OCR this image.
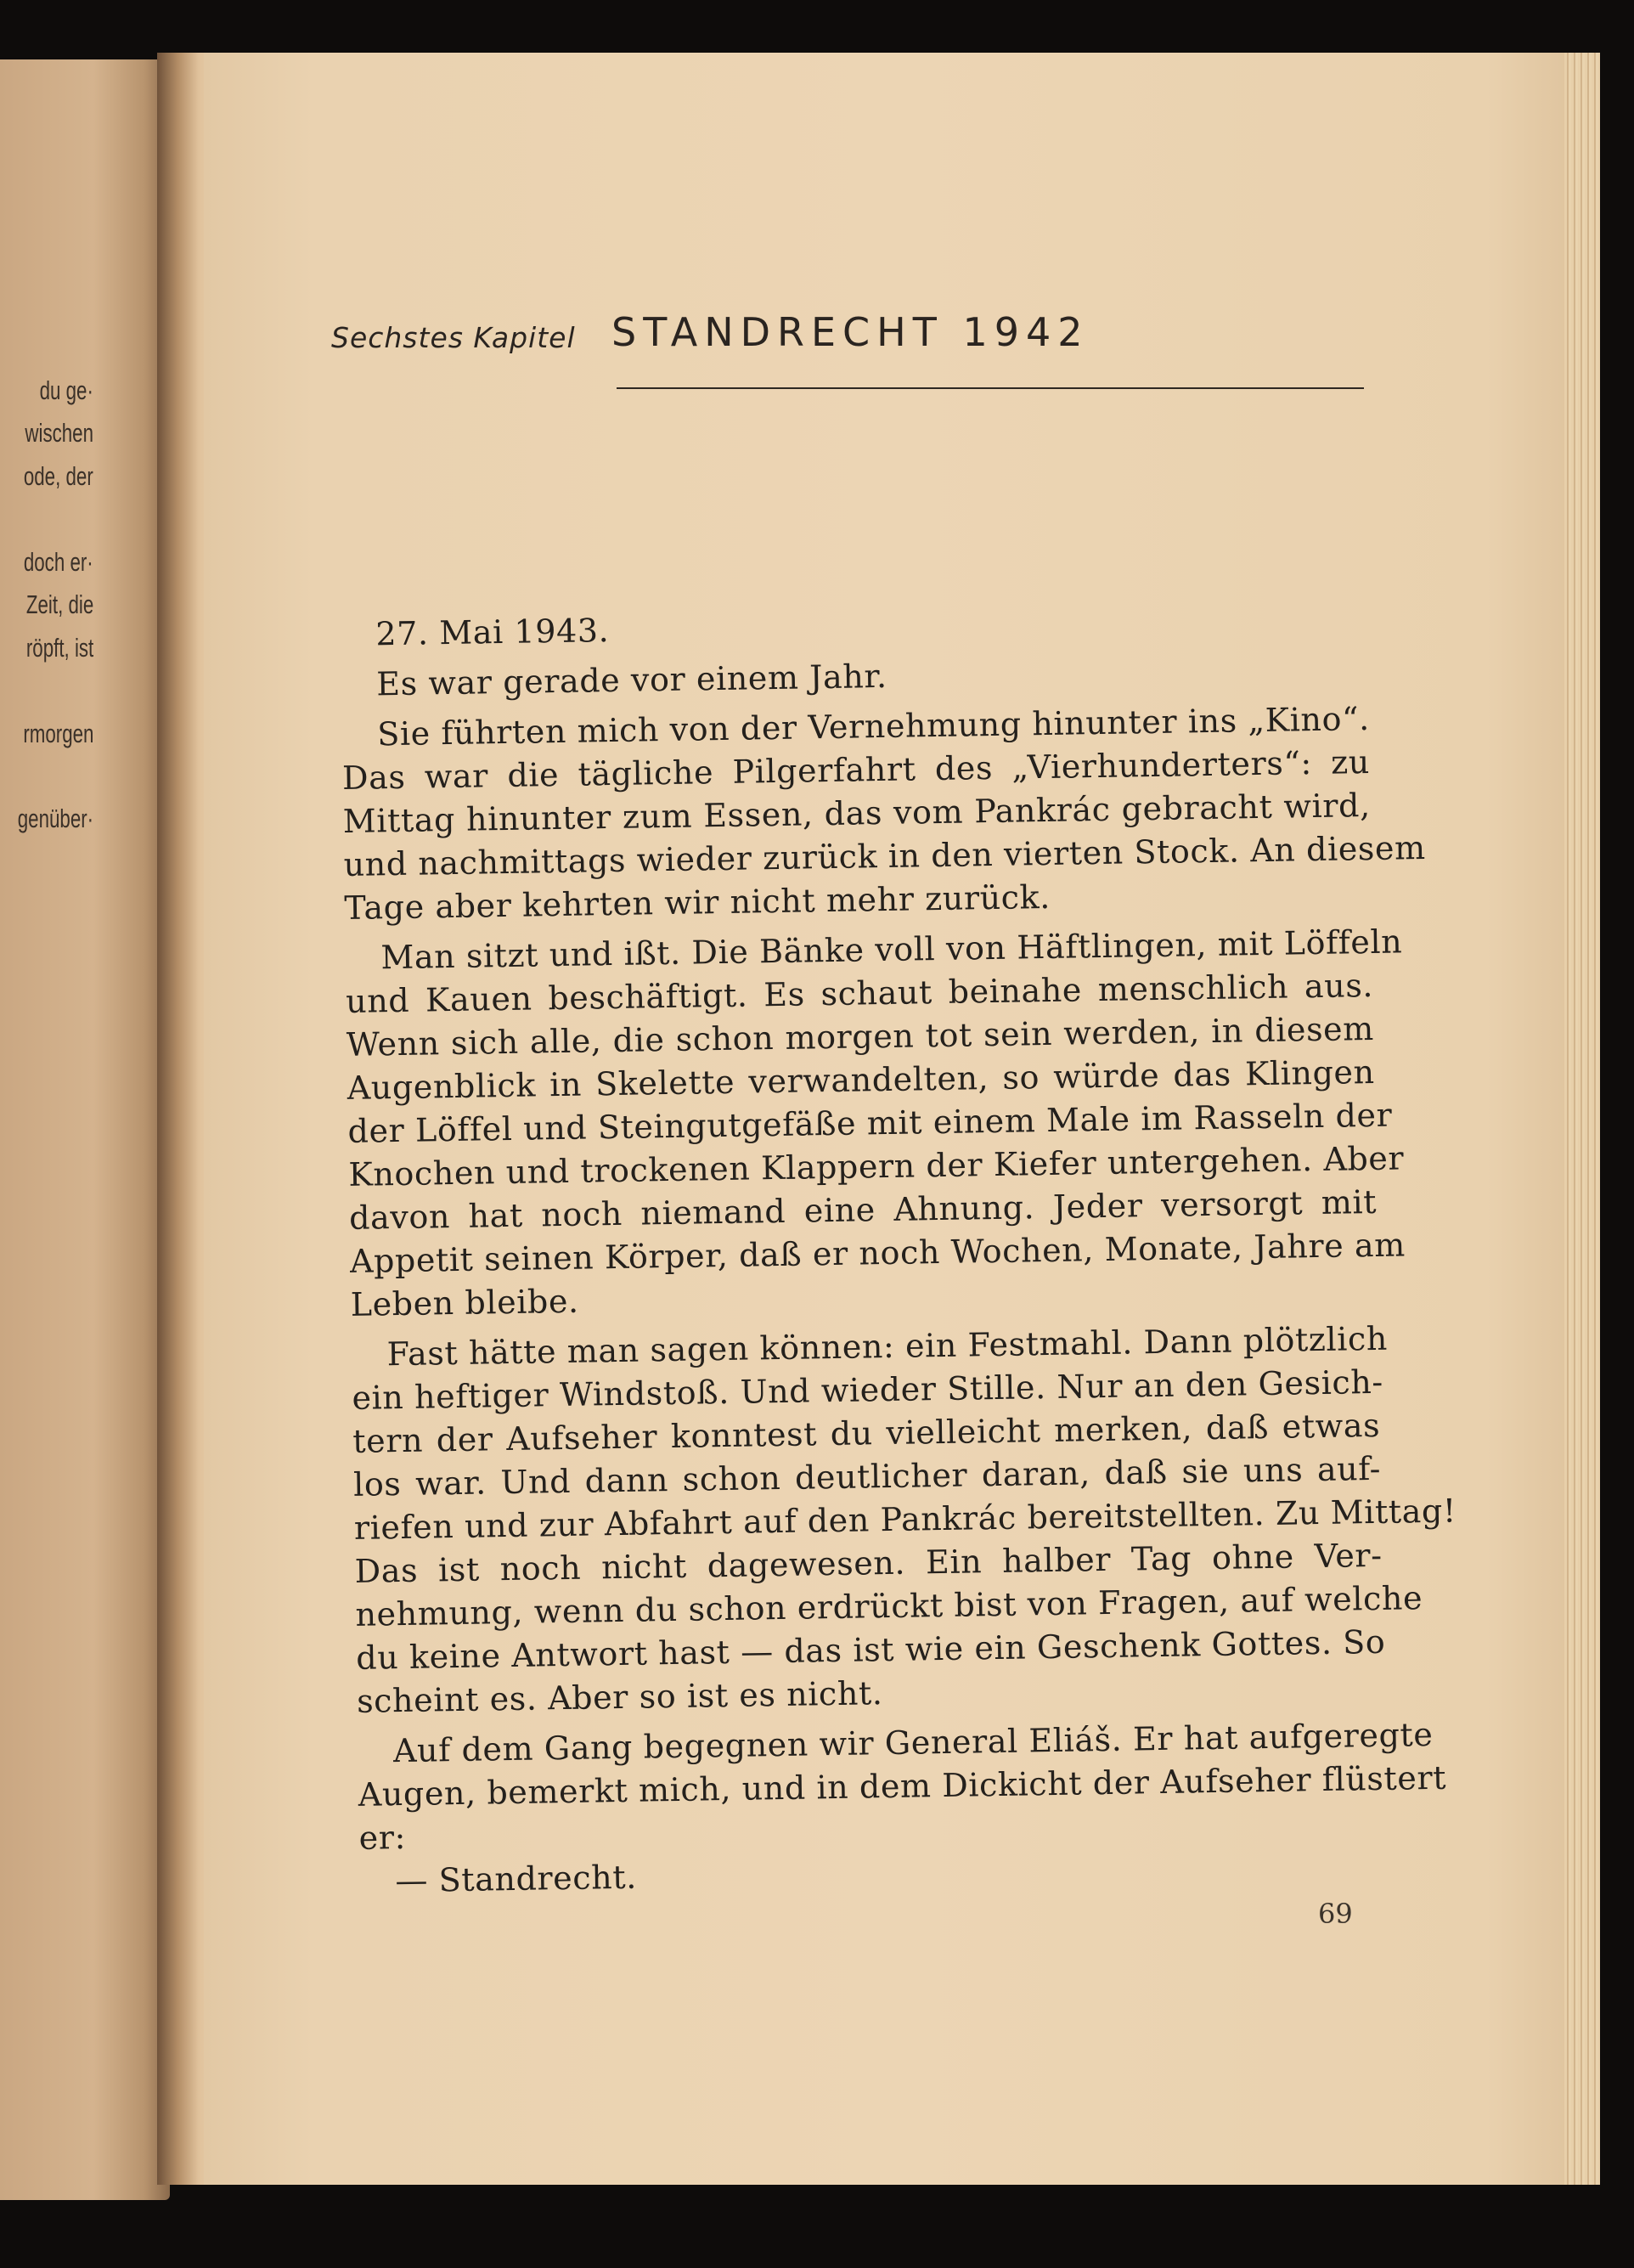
du ge·

wischen

ode, der

doch er·

Zeit, die

röpft, ist

rmorgen

genüber·

Sechstes Kapitel STANDRECHT 1942

27. Mai 1943.

Es war gerade vor einem Jahr.

Sie führten mich von der Vernehmung hinunter ins „Kino“.

Das war die tägliche Pilgerfahrt des „Vierhunderters“: zu

Mittag hinunter zum Essen, das vom Pankrác gebracht wird,

und nachmittags wieder zurück in den vierten Stock. An diesem

Tage aber kehrten wir nicht mehr zurück.

Man sitzt und ißt. Die Bänke voll von Häftlingen, mit Löffeln

und Kauen beschäftigt. Es schaut beinahe menschlich aus.

Wenn sich alle, die schon morgen tot sein werden, in diesem

Augenblick in Skelette verwandelten, so würde das Klingen

der Löffel und Steingutgefäße mit einem Male im Rasseln der

Knochen und trockenen Klappern der Kiefer untergehen. Aber

davon hat noch niemand eine Ahnung. Jeder versorgt mit

Appetit seinen Körper, daß er noch Wochen, Monate, Jahre am

Leben bleibe.

Fast hätte man sagen können: ein Festmahl. Dann plötzlich

ein heftiger Windstoß. Und wieder Stille. Nur an den Gesich-

tern der Aufseher konntest du vielleicht merken, daß etwas

los war. Und dann schon deutlicher daran, daß sie uns auf-

riefen und zur Abfahrt auf den Pankrác bereitstellten. Zu Mittag!

Das ist noch nicht dagewesen. Ein halber Tag ohne Ver-

nehmung, wenn du schon erdrückt bist von Fragen, auf welche

du keine Antwort hast — das ist wie ein Geschenk Gottes. So

scheint es. Aber so ist es nicht.

Auf dem Gang begegnen wir General Eliáš. Er hat aufgeregte

Augen, bemerkt mich, und in dem Dickicht der Aufseher flüstert

er:

— Standrecht.

69
